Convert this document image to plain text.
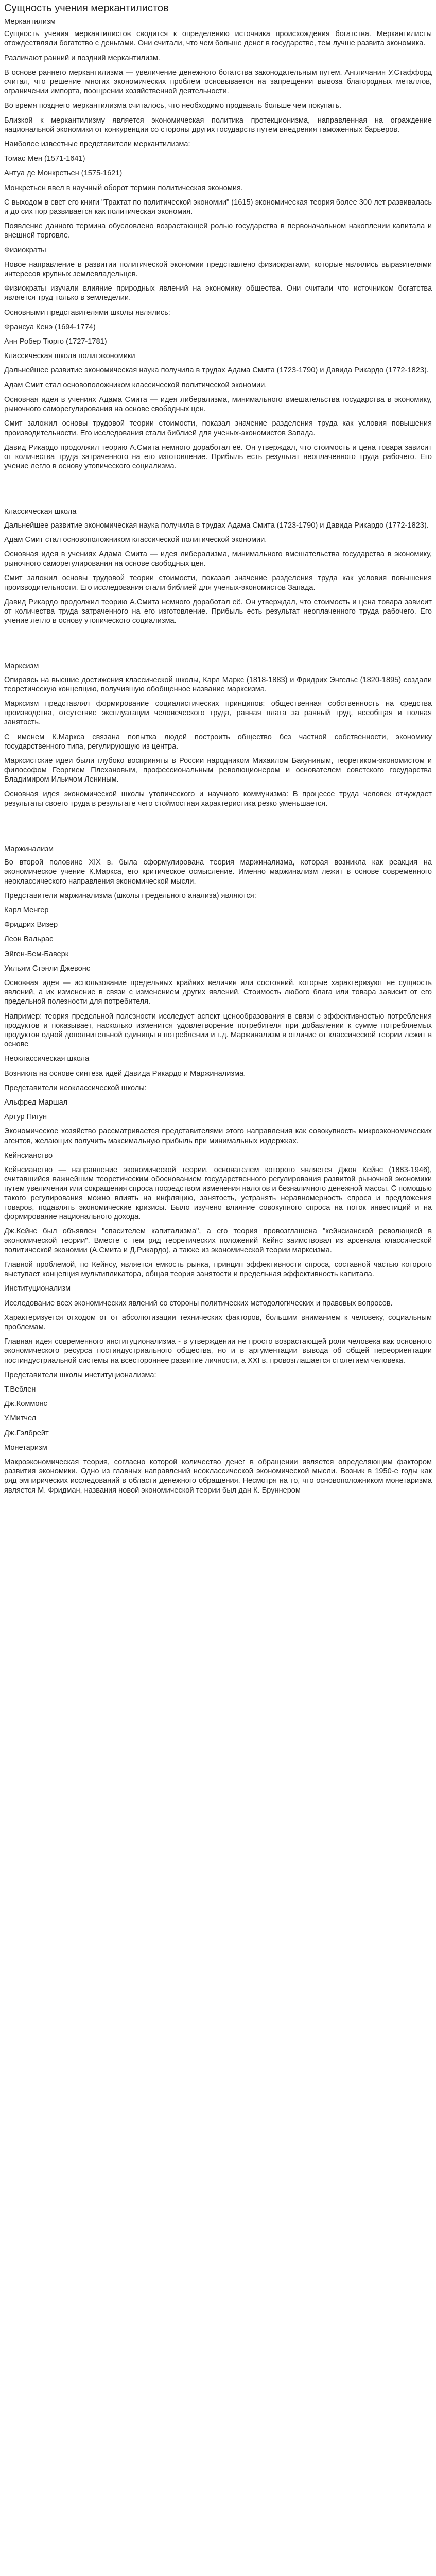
Сущность учения меркантилистов
Меркантилизм
Сущность учения меркантилистов сводится к определению источника происхождения богатства. Меркантилисты отождествляли богатство с деньгами. Они считали, что чем больше денег в государстве, тем лучше развита экономика.
Различают ранний и поздний меркантилизм.
В основе раннего меркантилизма — увеличение денежного богатства законодательным путем. Англичанин У.Стаффорд считал, что решение многих экономических проблем основывается на запрещении вывоза благородных металлов, ограничении импорта, поощрении хозяйственной деятельности.
Во время позднего меркантилизма считалось, что необходимо продавать больше чем покупать.
Близкой к меркантилизму является экономическая политика протекционизма, направленная на ограждение национальной экономики от конкуренции со стороны других государств путем внедрения таможенных барьеров.
Наиболее известные представители меркантилизма:
Томас Мен (1571-1641)
Антуа де Монкретьен (1575-1621)
Монкретьен ввел в научный оборот термин политическая экономия.
С выходом в свет его книги "Трактат по политической экономии" (1615) экономическая теория более 300 лет развивалась и до сих пор развивается как политическая экономия.
Появление данного термина обусловлено возрастающей ролью государства в первоначальном накоплении капитала и внешней торговле.
Физиократы
Новое направление в развитии политической экономии представлено физиократами, которые являлись выразителями интересов крупных землевладельцев.
Физиократы изучали влияние природных явлений на экономику общества. Они считали что источником богатства является труд только в земледелии.
Основными представителями школы являлись:
Франсуа Кенэ (1694-1774)
Анн Робер Тюрго (1727-1781)
Классическая школа политэкономики
Дальнейшее развитие экономическая наука получила в трудах Адама Смита (1723-1790) и Давида Рикардо (1772-1823).
Адам Смит стал основоположником классической политической экономии.
Основная идея в учениях Адама Смита — идея либерализма, минимального вмешательства государства в экономику, рыночного саморегулирования на основе свободных цен.
Смит заложил основы трудовой теории стоимости, показал значение разделения труда как условия повышения производительности. Его исследования стали библией для ученых-экономистов Запада.
Давид Рикардо продолжил теорию А.Смита немного доработал её. Он утверждал, что стоимость и цена товара зависит от количества труда затраченного на его изготовление. Прибыль есть результат неоплаченного труда рабочего. Его учение легло в основу утопического социализма.
Классическая школа
Дальнейшее развитие экономическая наука получила в трудах Адама Смита (1723-1790) и Давида Рикардо (1772-1823).
Адам Смит стал основоположником классической политической экономии.
Основная идея в учениях Адама Смита — идея либерализма, минимального вмешательства государства в экономику, рыночного саморегулирования на основе свободных цен.
Смит заложил основы трудовой теории стоимости, показал значение разделения труда как условия повышения производительности. Его исследования стали библией для ученых-экономистов Запада.
Давид Рикардо продолжил теорию А.Смита немного доработал её. Он утверждал, что стоимость и цена товара зависит от количества труда затраченного на его изготовление. Прибыль есть результат неоплаченного труда рабочего. Его учение легло в основу утопического социализма.
Марксизм
Опираясь на высшие достижения классической школы, Карл Маркс (1818-1883) и Фридрих Энгельс (1820-1895) создали теоретическую концепцию, получившую обобщенное название марксизма.
Марксизм представлял формирование социалистических принципов: общественная собственность на средства производства, отсутствие эксплуатации человеческого труда, равная плата за равный труд, всеобщая и полная занятость.
С именем К.Маркса связана попытка людей построить общество без частной собственности, экономику государственного типа, регулирующую из центра.
Марксистские идеи были глубоко восприняты в России народником Михаилом Бакуниным, теоретиком-экономистом и философом Георгием Плехановым, профессиональным революционером и основателем советского государства Владимиром Ильичом Лениным.
Основная идея экономической школы утопического и научного коммунизма: В процессе труда человек отчуждает результаты своего труда в результате чего стоймостная характеристика резко уменьшается.
Маржинализм
Во второй половине XIX в. была сформулирована теория маржинализма, которая возникла как реакция на экономическое учение К.Маркса, его критическое осмысление. Именно маржинализм лежит в основе современного неоклассического направления экономической мысли.
Представители маржинализма (школы предельного анализа) являются:
Карл Менгер
Фридрих Визер
Леон Вальрас
Эйген-Бем-Баверк
Уильям Стэнли Джевонс
Основная идея — использование предельных крайних величин или состояний, которые характеризуют не сущность явлений, а их изменение в связи с изменением других явлений. Стоимость любого блага или товара зависит от его предельной полезности для потребителя.
Например: теория предельной полезности исследует аспект ценообразования в связи с эффективностью потребления продуктов и показывает, насколько изменится удовлетворение потребителя при добавлении к сумме потребляемых продуктов одной дополнительной единицы в потреблении и т.д. Маржинализм в отличие от классической теории лежит в основе
Неоклассическая школа
Возникла на основе синтеза идей Давида Рикардо и Маржинализма.
Представители неоклассической школы:
Альфред Маршал
Артур Пигун
Экономическое хозяйство рассматривается представителями этого направления как совокупность микроэкономических агентов, желающих получить максимальную прибыль при минимальных издержках.
Кейнсианство
Кейнсианство — направление экономической теории, основателем которого является Джон Кейнс (1883-1946), считавшийся важнейшим теоретическим обоснованием государственного регулирования развитой рыночной экономики путем увеличения или сокращения спроса посредством изменения налогов и безналичного денежной массы. С помощью такого регулирования можно влиять на инфляцию, занятость, устранять неравномерность спроса и предложения товаров, подавлять экономические кризисы. Было изучено влияние совокупного спроса на поток инвестиций и на формирование национального дохода.
Дж.Кейнс был объявлен "спасителем капитализма", а его теория провозглашена "кейнсианской революцией в экономической теории". Вместе с тем ряд теоретических положений Кейнс заимствовал из арсенала классической политической экономии (А.Смита и Д.Рикардо), а также из экономической теории марксизма.
Главной проблемой, по Кейнсу, является емкость рынка, принцип эффективности спроса, составной частью которого выступает концепция мультипликатора, общая теория занятости и предельная эффективность капитала.
Институционализм
Исследование всех экономических явлений со стороны политических методологических и правовых вопросов.
Характеризуется отходом от от абсолютизации технических факторов, большим вниманием к человеку, социальным проблемам.
Главная идея современного институционализма - в утверждении не просто возрастающей роли человека как основного экономического ресурса постиндустриального общества, но и в аргументации вывода об общей переориентации постиндустриальной системы на всестороннее развитие личности, а XXI в. провозглашается столетием человека.
Представители школы институционализма:
Т.Веблен
Дж.Коммонс
У.Митчел
Дж.Гэлбрейт
Монетаризм
Макроэкономическая теория, согласно которой количество денег в обращении является определяющим фактором развития экономики. Одно из главных направлений неоклассической экономической мысли. Возник в 1950-е годы как ряд эмпирических исследований в области денежного обращения. Несмотря на то, что основоположником монетаризма является М. Фридман, названия новой экономической теории был дан К. Бруннером
